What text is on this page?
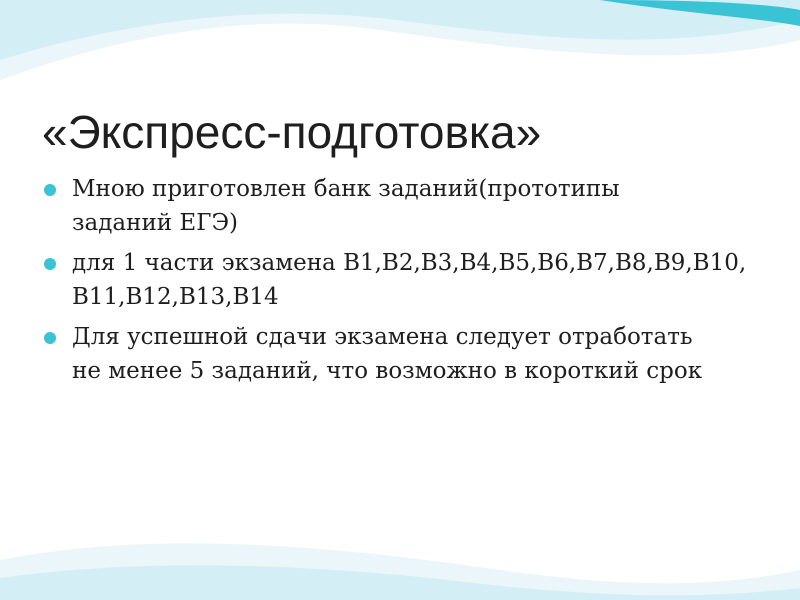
«Экспресс-подготовка»
Мною приготовлен банк заданий(прототипы
заданий ЕГЭ)
для 1 части экзамена В1,В2,В3,В4,В5,В6,В7,В8,В9,В10,
В11,В12,В13,В14
Для успешной сдачи экзамена следует отработать
не менее 5 заданий, что возможно в короткий срок
